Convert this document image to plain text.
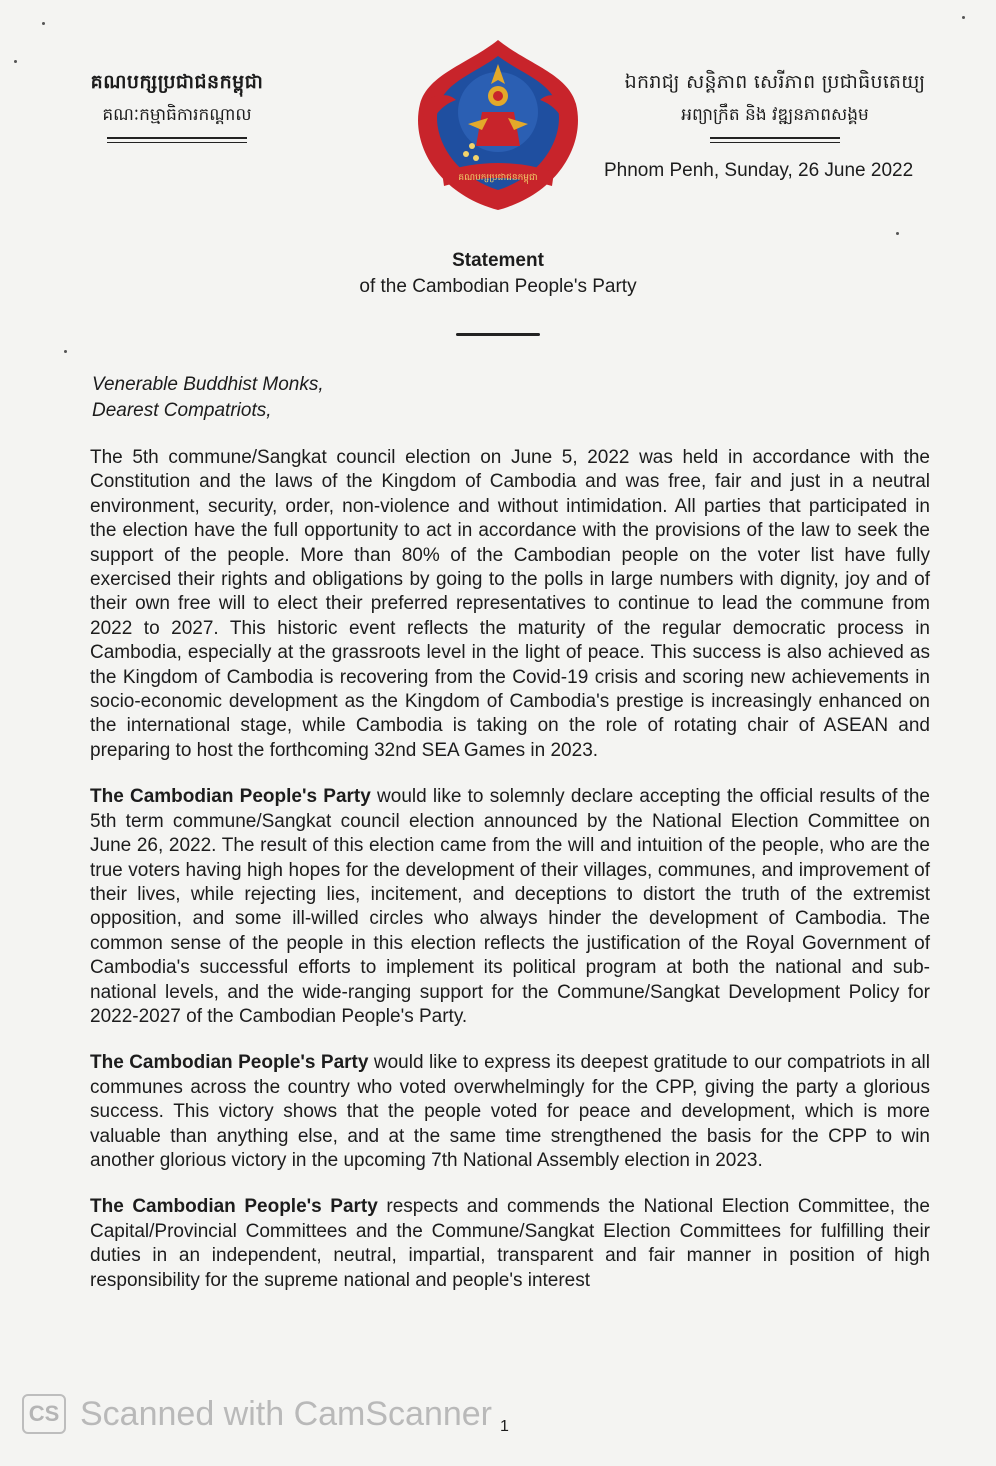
គណបក្សប្រជាជនកម្ពុជា
គណៈកម្មាធិការកណ្តាល
គណបក្សប្រជាជនកម្ពុជា
ឯករាជ្យ សន្តិភាព សេរីភាព ប្រជាធិបតេយ្យ
អព្យាក្រឹត និង វឌ្ឍនភាពសង្គម
Phnom Penh, Sunday, 26 June 2022
Statement
of the Cambodian People's Party
Venerable Buddhist Monks,
Dearest Compatriots,

The 5th commune/Sangkat council election on June 5, 2022 was held in accordance with the Constitution and the laws of the Kingdom of Cambodia and was free, fair and just in a neutral environment, security, order, non-violence and without intimidation. All parties that participated in the election have the full opportunity to act in accordance with the provisions of the law to seek the support of the people. More than 80% of the Cambodian people on the voter list have fully exercised their rights and obligations by going to the polls in large numbers with dignity, joy and of their own free will to elect their preferred representatives to continue to lead the commune from 2022 to 2027. This historic event reflects the maturity of the regular democratic process in Cambodia, especially at the grassroots level in the light of peace. This success is also achieved as the Kingdom of Cambodia is recovering from the Covid-19 crisis and scoring new achievements in socio-economic development as the Kingdom of Cambodia's prestige is increasingly enhanced on the international stage, while Cambodia is taking on the role of rotating chair of ASEAN and preparing to host the forthcoming 32nd SEA Games in 2023.

The Cambodian People's Party would like to solemnly declare accepting the official results of the 5th term commune/Sangkat council election announced by the National Election Committee on June 26, 2022. The result of this election came from the will and intuition of the people, who are the true voters having high hopes for the development of their villages, communes, and improvement of their lives, while rejecting lies, incitement, and deceptions to distort the truth of the extremist opposition, and some ill-willed circles who always hinder the development of Cambodia. The common sense of the people in this election reflects the justification of the Royal Government of Cambodia's successful efforts to implement its political program at both the national and sub-national levels, and the wide-ranging support for the Commune/Sangkat Development Policy for 2022-2027 of the Cambodian People's Party.

The Cambodian People's Party would like to express its deepest gratitude to our compatriots in all communes across the country who voted overwhelmingly for the CPP, giving the party a glorious success. This victory shows that the people voted for peace and development, which is more valuable than anything else, and at the same time strengthened the basis for the CPP to win another glorious victory in the upcoming 7th National Assembly election in 2023.

The Cambodian People's Party respects and commends the National Election Committee, the Capital/Provincial Committees and the Commune/Sangkat Election Committees for fulfilling their duties in an independent, neutral, impartial, transparent and fair manner in position of high responsibility for the supreme national and people's interest

CS Scanned with CamScanner 1
